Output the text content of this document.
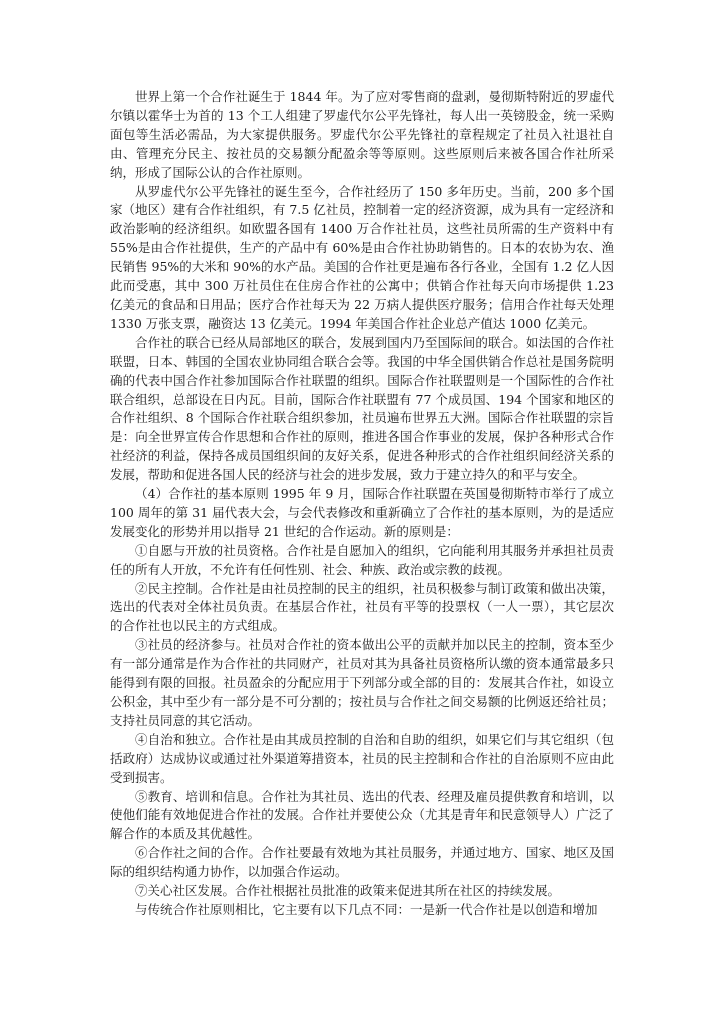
世界上第一个合作社诞生于 1844 年。为了应对零售商的盘剥，曼彻斯特附近的罗虚代尔镇以霍华士为首的 13 个工人组建了罗虚代尔公平先锋社，每人出一英镑股金，统一采购面包等生活必需品，为大家提供服务。罗虚代尔公平先锋社的章程规定了社员入社退社自由、管理充分民主、按社员的交易额分配盈余等等原则。这些原则后来被各国合作社所采纳，形成了国际公认的合作社原则。

从罗虚代尔公平先锋社的诞生至今，合作社经历了 150 多年历史。当前，200 多个国家（地区）建有合作社组织，有 7.5 亿社员，控制着一定的经济资源，成为具有一定经济和政治影响的经济组织。如欧盟各国有 1400 万合作社社员，这些社员所需的生产资料中有 55%是由合作社提供，生产的产品中有 60%是由合作社协助销售的。日本的农协为农、渔民销售 95%的大米和 90%的水产品。美国的合作社更是遍布各行各业，全国有 1.2 亿人因此而受惠，其中 300 万社员住在住房合作社的公寓中；供销合作社每天向市场提供 1.23 亿美元的食品和日用品；医疗合作社每天为 22 万病人提供医疗服务；信用合作社每天处理 1330 万张支票，融资达 13 亿美元。1994 年美国合作社企业总产值达 1000 亿美元。

合作社的联合已经从局部地区的联合，发展到国内乃至国际间的联合。如法国的合作社联盟，日本、韩国的全国农业协同组合联合会等。我国的中华全国供销合作总社是国务院明确的代表中国合作社参加国际合作社联盟的组织。国际合作社联盟则是一个国际性的合作社联合组织，总部设在日内瓦。目前，国际合作社联盟有 77 个成员国、194 个国家和地区的合作社组织、8 个国际合作社联合组织参加，社员遍布世界五大洲。国际合作社联盟的宗旨是：向全世界宣传合作思想和合作社的原则，推进各国合作事业的发展，保护各种形式合作社经济的利益，保持各成员国组织间的友好关系，促进各种形式的合作社组织间经济关系的发展，帮助和促进各国人民的经济与社会的进步发展，致力于建立持久的和平与安全。

（4）合作社的基本原则 1995 年 9 月，国际合作社联盟在英国曼彻斯特市举行了成立 100 周年的第 31 届代表大会，与会代表修改和重新确立了合作社的基本原则，为的是适应发展变化的形势并用以指导 21 世纪的合作运动。新的原则是：

①自愿与开放的社员资格。合作社是自愿加入的组织，它向能利用其服务并承担社员责任的所有人开放，不允许有任何性别、社会、种族、政治或宗教的歧视。

②民主控制。合作社是由社员控制的民主的组织，社员积极参与制订政策和做出决策，选出的代表对全体社员负责。在基层合作社，社员有平等的投票权（一人一票），其它层次的合作社也以民主的方式组成。

③社员的经济参与。社员对合作社的资本做出公平的贡献并加以民主的控制，资本至少有一部分通常是作为合作社的共同财产，社员对其为具备社员资格所认缴的资本通常最多只能得到有限的回报。社员盈余的分配应用于下列部分或全部的目的：发展其合作社，如设立公积金，其中至少有一部分是不可分割的；按社员与合作社之间交易额的比例返还给社员；支持社员同意的其它活动。

④自治和独立。合作社是由其成员控制的自治和自助的组织，如果它们与其它组织（包括政府）达成协议或通过社外渠道筹措资本，社员的民主控制和合作社的自治原则不应由此受到损害。

⑤教育、培训和信息。合作社为其社员、选出的代表、经理及雇员提供教育和培训，以使他们能有效地促进合作社的发展。合作社并要使公众（尤其是青年和民意领导人）广泛了解合作的本质及其优越性。

⑥合作社之间的合作。合作社要最有效地为其社员服务，并通过地方、国家、地区及国际的组织结构通力协作，以加强合作运动。

⑦关心社区发展。合作社根据社员批准的政策来促进其所在社区的持续发展。

与传统合作社原则相比，它主要有以下几点不同：一是新一代合作社是以创造和增加
